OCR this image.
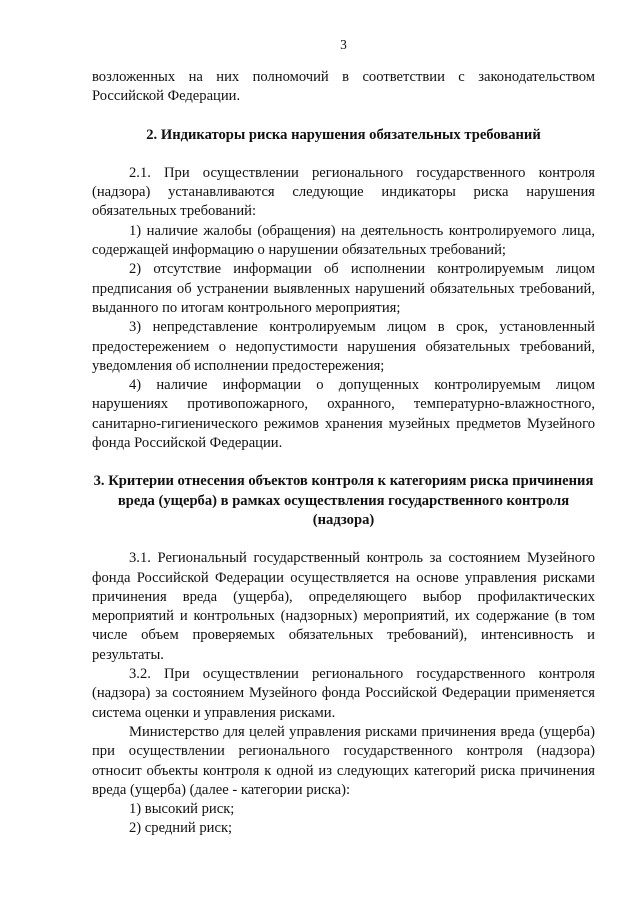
3

возложенных на них полномочий в соответствии с законодательством Российской Федерации.

2. Индикаторы риска нарушения обязательных требований

2.1. При осуществлении регионального государственного контроля (надзора) устанавливаются следующие индикаторы риска нарушения обязательных требований:

1) наличие жалобы (обращения) на деятельность контролируемого лица, содержащей информацию о нарушении обязательных требований;

2) отсутствие информации об исполнении контролируемым лицом предписания об устранении выявленных нарушений обязательных требований, выданного по итогам контрольного мероприятия;

3) непредставление контролируемым лицом в срок, установленный предостережением о недопустимости нарушения обязательных требований, уведомления об исполнении предостережения;

4) наличие информации о допущенных контролируемым лицом нарушениях противопожарного, охранного, температурно-влажностного, санитарно-гигиенического режимов хранения музейных предметов Музейного фонда Российской Федерации.

3. Критерии отнесения объектов контроля к категориям риска причинения вреда (ущерба) в рамках осуществления государственного контроля (надзора)

3.1. Региональный государственный контроль за состоянием Музейного фонда Российской Федерации осуществляется на основе управления рисками причинения вреда (ущерба), определяющего выбор профилактических мероприятий и контрольных (надзорных) мероприятий, их содержание (в том числе объем проверяемых обязательных требований), интенсивность и результаты.

3.2. При осуществлении регионального государственного контроля (надзора) за состоянием Музейного фонда Российской Федерации применяется система оценки и управления рисками.

Министерство для целей управления рисками причинения вреда (ущерба) при осуществлении регионального государственного контроля (надзора) относит объекты контроля к одной из следующих категорий риска причинения вреда (ущерба) (далее - категории риска):

1) высокий риск;

2) средний риск;
